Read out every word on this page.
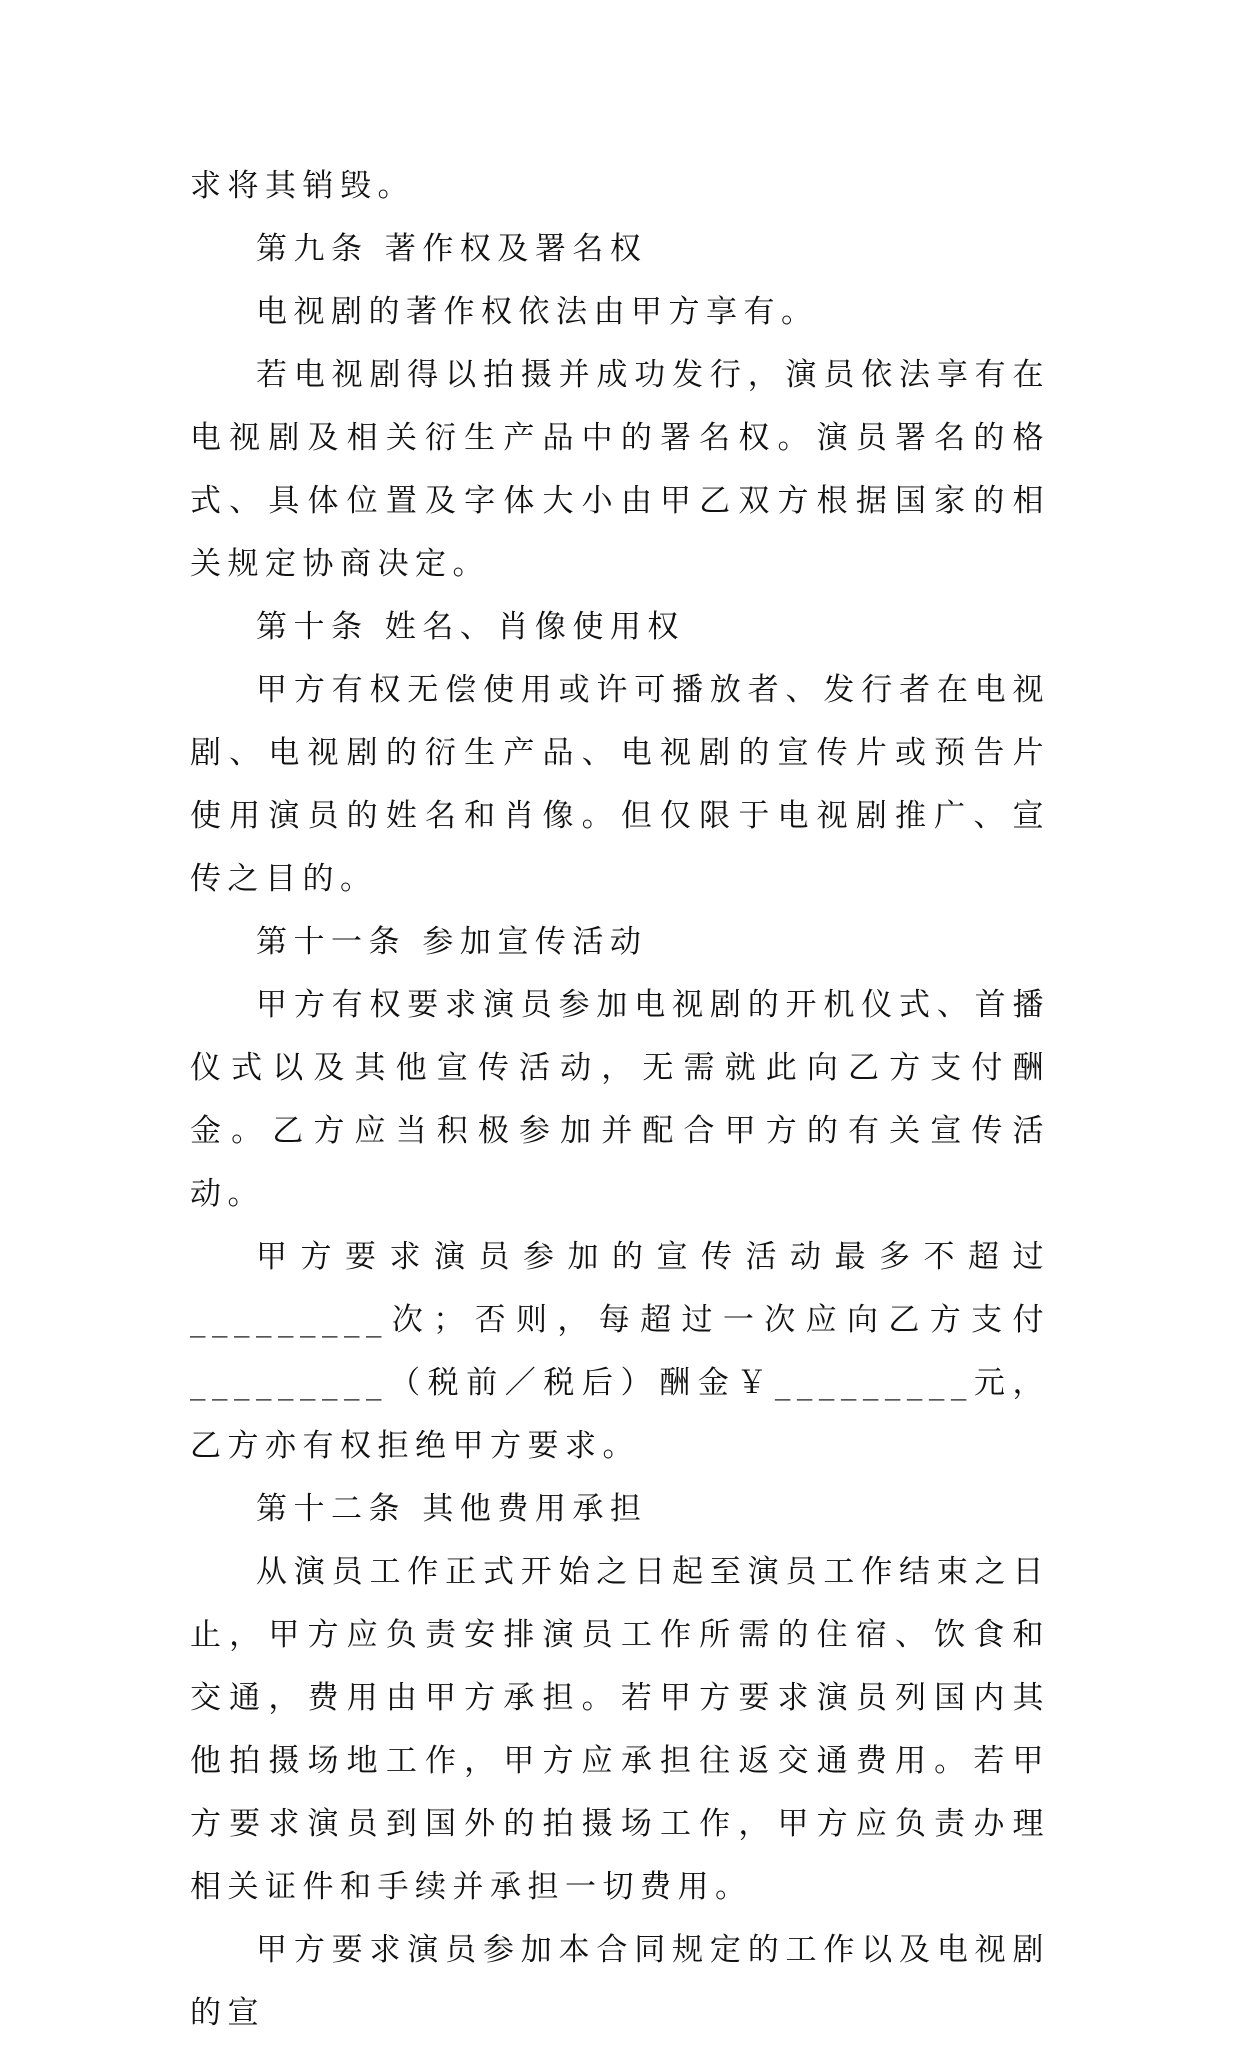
求将其销毁。

第九条 著作权及署名权

电视剧的著作权依法由甲方享有。

若电视剧得以拍摄并成功发行，演员依法享有在电视剧及相关衍生产品中的署名权。演员署名的格式、具体位置及字体大小由甲乙双方根据国家的相关规定协商决定。

第十条 姓名、肖像使用权

甲方有权无偿使用或许可播放者、发行者在电视剧、电视剧的衍生产品、电视剧的宣传片或预告片使用演员的姓名和肖像。但仅限于电视剧推广、宣传之目的。

第十一条 参加宣传活动

甲方有权要求演员参加电视剧的开机仪式、首播仪式以及其他宣传活动，无需就此向乙方支付酬金。乙方应当积极参加并配合甲方的有关宣传活动。

甲方要求演员参加的宣传活动最多不超过_________次；否则，每超过一次应向乙方支付_________（税前／税后）酬金￥_________元，乙方亦有权拒绝甲方要求。

第十二条 其他费用承担

从演员工作正式开始之日起至演员工作结束之日止，甲方应负责安排演员工作所需的住宿、饮食和交通，费用由甲方承担。若甲方要求演员列国内其他拍摄场地工作，甲方应承担往返交通费用。若甲方要求演员到国外的拍摄场工作，甲方应负责办理相关证件和手续并承担一切费用。

甲方要求演员参加本合同规定的工作以及电视剧的宣
